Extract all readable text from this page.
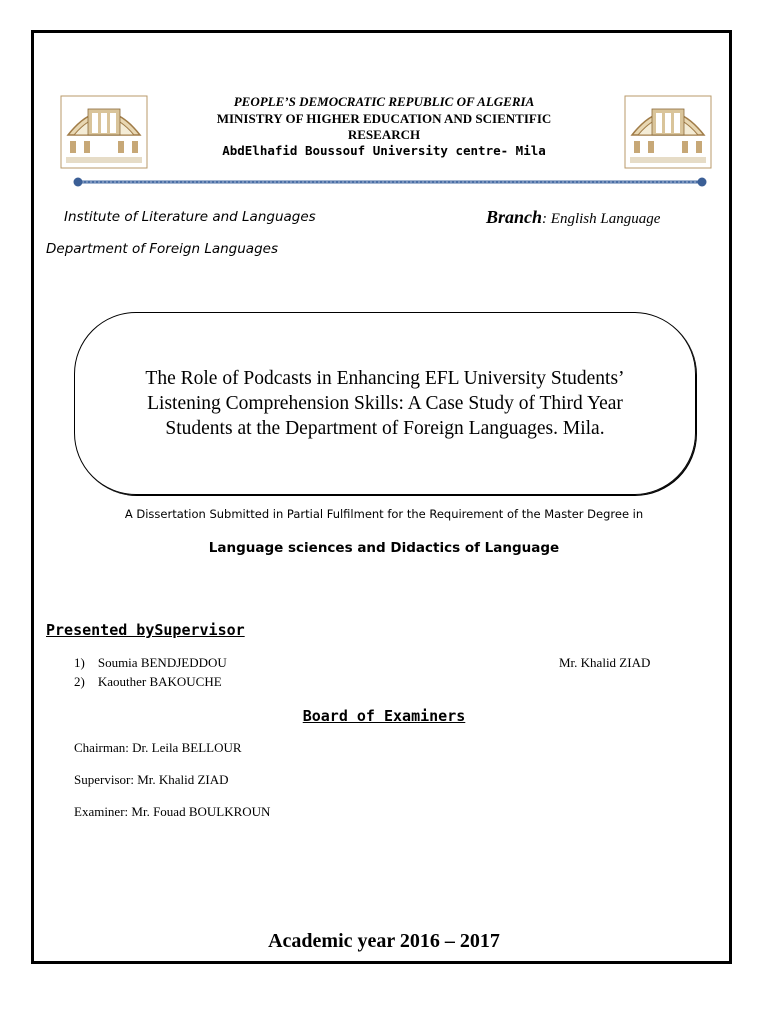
PEOPLE’S DEMOCRATIC REPUBLIC OF ALGERIA
MINISTRY OF HIGHER EDUCATION AND SCIENTIFIC
RESEARCH
AbdElhafid Boussouf University centre- Mila
Institute of Literature and Languages	Branch: English Language
Department of Foreign Languages
The Role of Podcasts in Enhancing EFL University Students’ Listening Comprehension Skills: A Case Study of Third Year Students at the Department of Foreign Languages. Mila.
A Dissertation Submitted in Partial Fulfilment for the Requirement of the Master Degree in
Language sciences and Didactics of Language
Presented bySupervisor
1) Soumia BENDJEDDOU
2) Kaouther BAKOUCHE
Mr. Khalid ZIAD
Board of Examiners
Chairman: Dr. Leila BELLOUR
Supervisor: Mr. Khalid ZIAD
Examiner: Mr. Fouad BOULKROUN
Academic year 2016 – 2017
